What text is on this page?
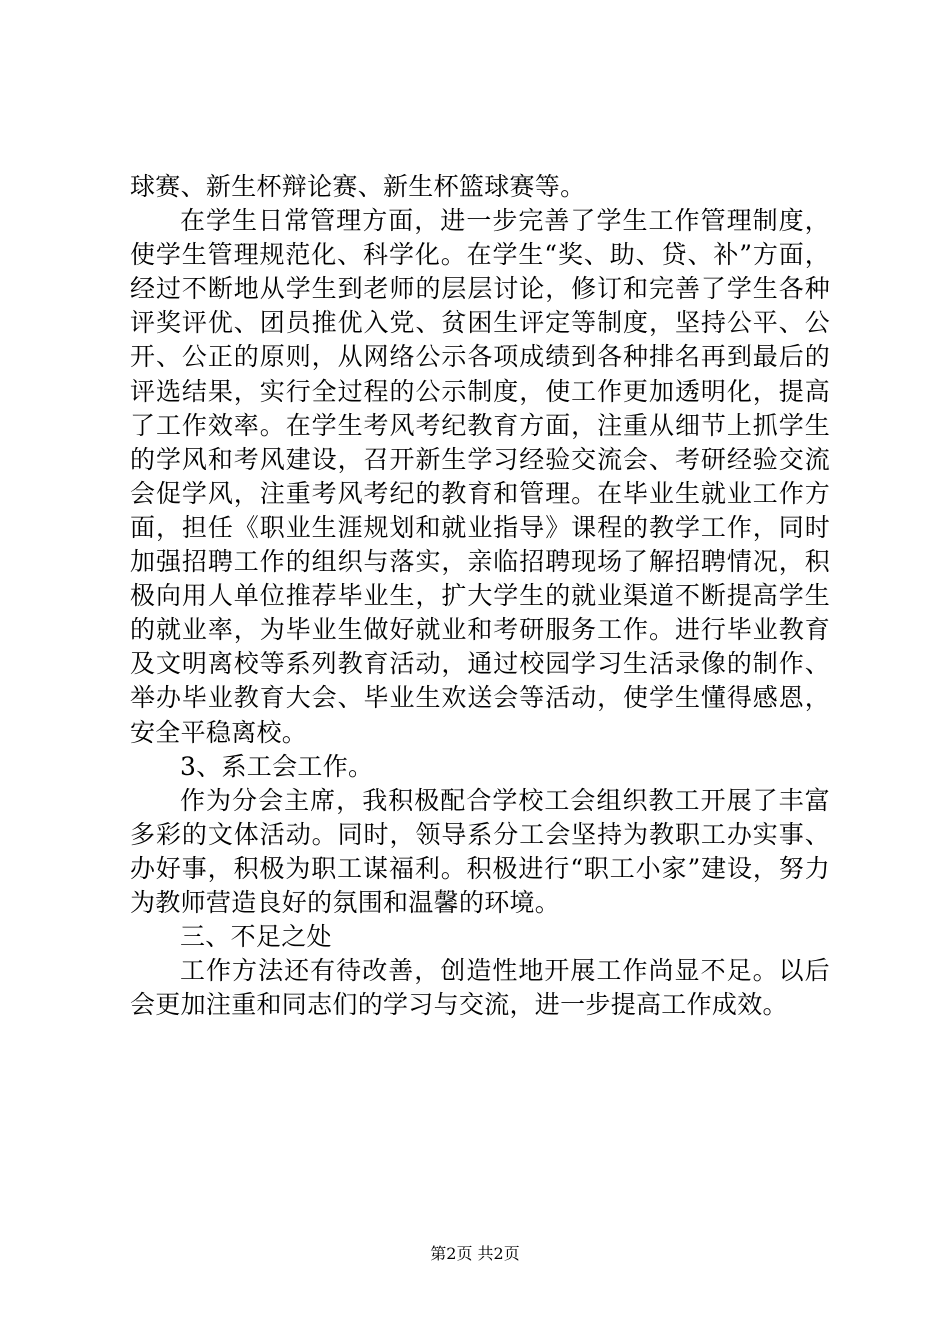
球赛、新生杯辩论赛、新生杯篮球赛等。

在学生日常管理方面，进一步完善了学生工作管理制度，使学生管理规范化、科学化。在学生“奖、助、贷、补”方面，经过不断地从学生到老师的层层讨论，修订和完善了学生各种评奖评优、团员推优入党、贫困生评定等制度，坚持公平、公开、公正的原则，从网络公示各项成绩到各种排名再到最后的评选结果，实行全过程的公示制度，使工作更加透明化，提高了工作效率。在学生考风考纪教育方面，注重从细节上抓学生的学风和考风建设，召开新生学习经验交流会、考研经验交流会促学风，注重考风考纪的教育和管理。在毕业生就业工作方面，担任《职业生涯规划和就业指导》课程的教学工作，同时加强招聘工作的组织与落实，亲临招聘现场了解招聘情况，积极向用人单位推荐毕业生，扩大学生的就业渠道不断提高学生的就业率，为毕业生做好就业和考研服务工作。进行毕业教育及文明离校等系列教育活动，通过校园学习生活录像的制作、举办毕业教育大会、毕业生欢送会等活动，使学生懂得感恩，安全平稳离校。

3、系工会工作。

作为分会主席，我积极配合学校工会组织教工开展了丰富多彩的文体活动。同时，领导系分工会坚持为教职工办实事、办好事，积极为职工谋福利。积极进行“职工小家”建设，努力为教师营造良好的氛围和温馨的环境。

三、不足之处

工作方法还有待改善，创造性地开展工作尚显不足。以后会更加注重和同志们的学习与交流，进一步提高工作成效。

第2页 共2页
